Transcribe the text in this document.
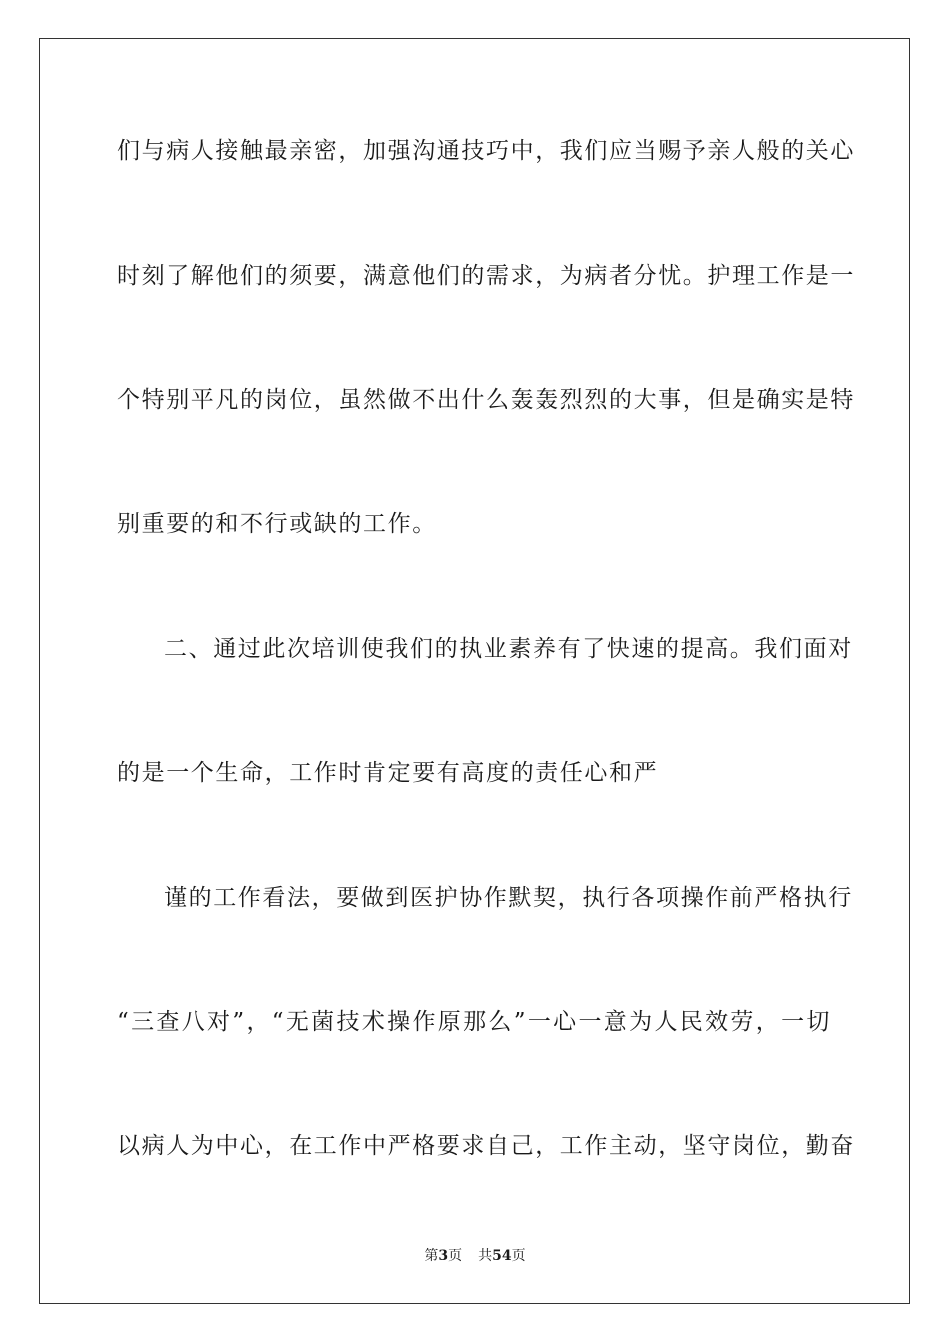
们与病人接触最亲密，加强沟通技巧中，我们应当赐予亲人般的关心
时刻了解他们的须要，满意他们的需求，为病者分忧。护理工作是一
个特别平凡的岗位，虽然做不出什么轰轰烈烈的大事，但是确实是特
别重要的和不行或缺的工作。
二、通过此次培训使我们的执业素养有了快速的提高。我们面对
的是一个生命，工作时肯定要有高度的责任心和严
谨的工作看法，要做到医护协作默契，执行各项操作前严格执行
“三查八对”，“无菌技术操作原那么”一心一意为人民效劳，一切
以病人为中心，在工作中严格要求自己，工作主动，坚守岗位，勤奋
第3页 共54页
